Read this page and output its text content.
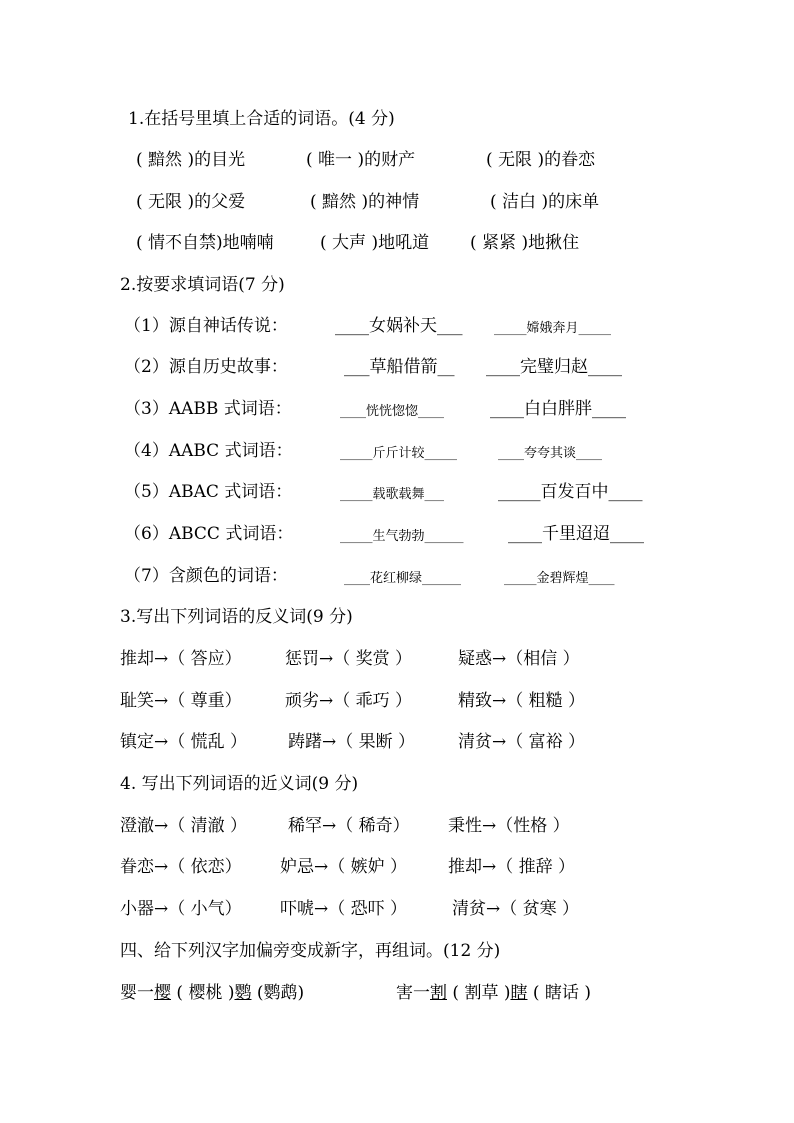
1.在括号里填上合适的词语。(4 分)
( 黯然 )的目光	( 唯一 )的财产	( 无限 )的眷恋
( 无限 )的父爱	( 黯然 )的神情	( 洁白 )的床单
( 情不自禁)地喃喃	( 大声 )地吼道 ( 紧紧 )地揪住
2.按要求填词语(7 分)
（1）源自神话传说：	____女娲补天___ _____嫦娥奔月_____
（2）源自历史故事：	___草船借箭__ ____完璧归赵____
（3）AABB 式词语：	____恍恍惚惚____	____白白胖胖____
（4）AABC 式词语：	_____斤斤计较_____	____夸夸其谈____
（5）ABAC 式词语：	_____载歌载舞___	_____百发百中____
（6）ABCC 式词语：	_____生气勃勃______	____千里迢迢____
（7）含颜色的词语：	____花红柳绿______	_____金碧辉煌____
3.写出下列词语的反义词(9 分)
推却→（ 答应）	惩罚→（ 奖赏 ）	疑惑→（相信 ）
耻笑→（ 尊重）	顽劣→（ 乖巧 ）	精致→（ 粗糙 ）
镇定→（ 慌乱 ） 踌躇→（ 果断 ）	清贫→（ 富裕 ）
4. 写出下列词语的近义词(9 分)
澄澈→（ 清澈 ） 稀罕→（ 稀奇） 秉性→（性格 ）
眷恋→（ 依恋） 妒忌→（ 嫉妒 ） 推却→（ 推辞 ）
小器→（ 小气） 吓唬→（ 恐吓 ）	清贫→（ 贫寒 ）
四、给下列汉字加偏旁变成新字，再组词。(12 分)
婴一樱 ( 樱桃 )鹦 (鹦鹉)	害一割 ( 割草 )瞎 ( 瞎话 )
